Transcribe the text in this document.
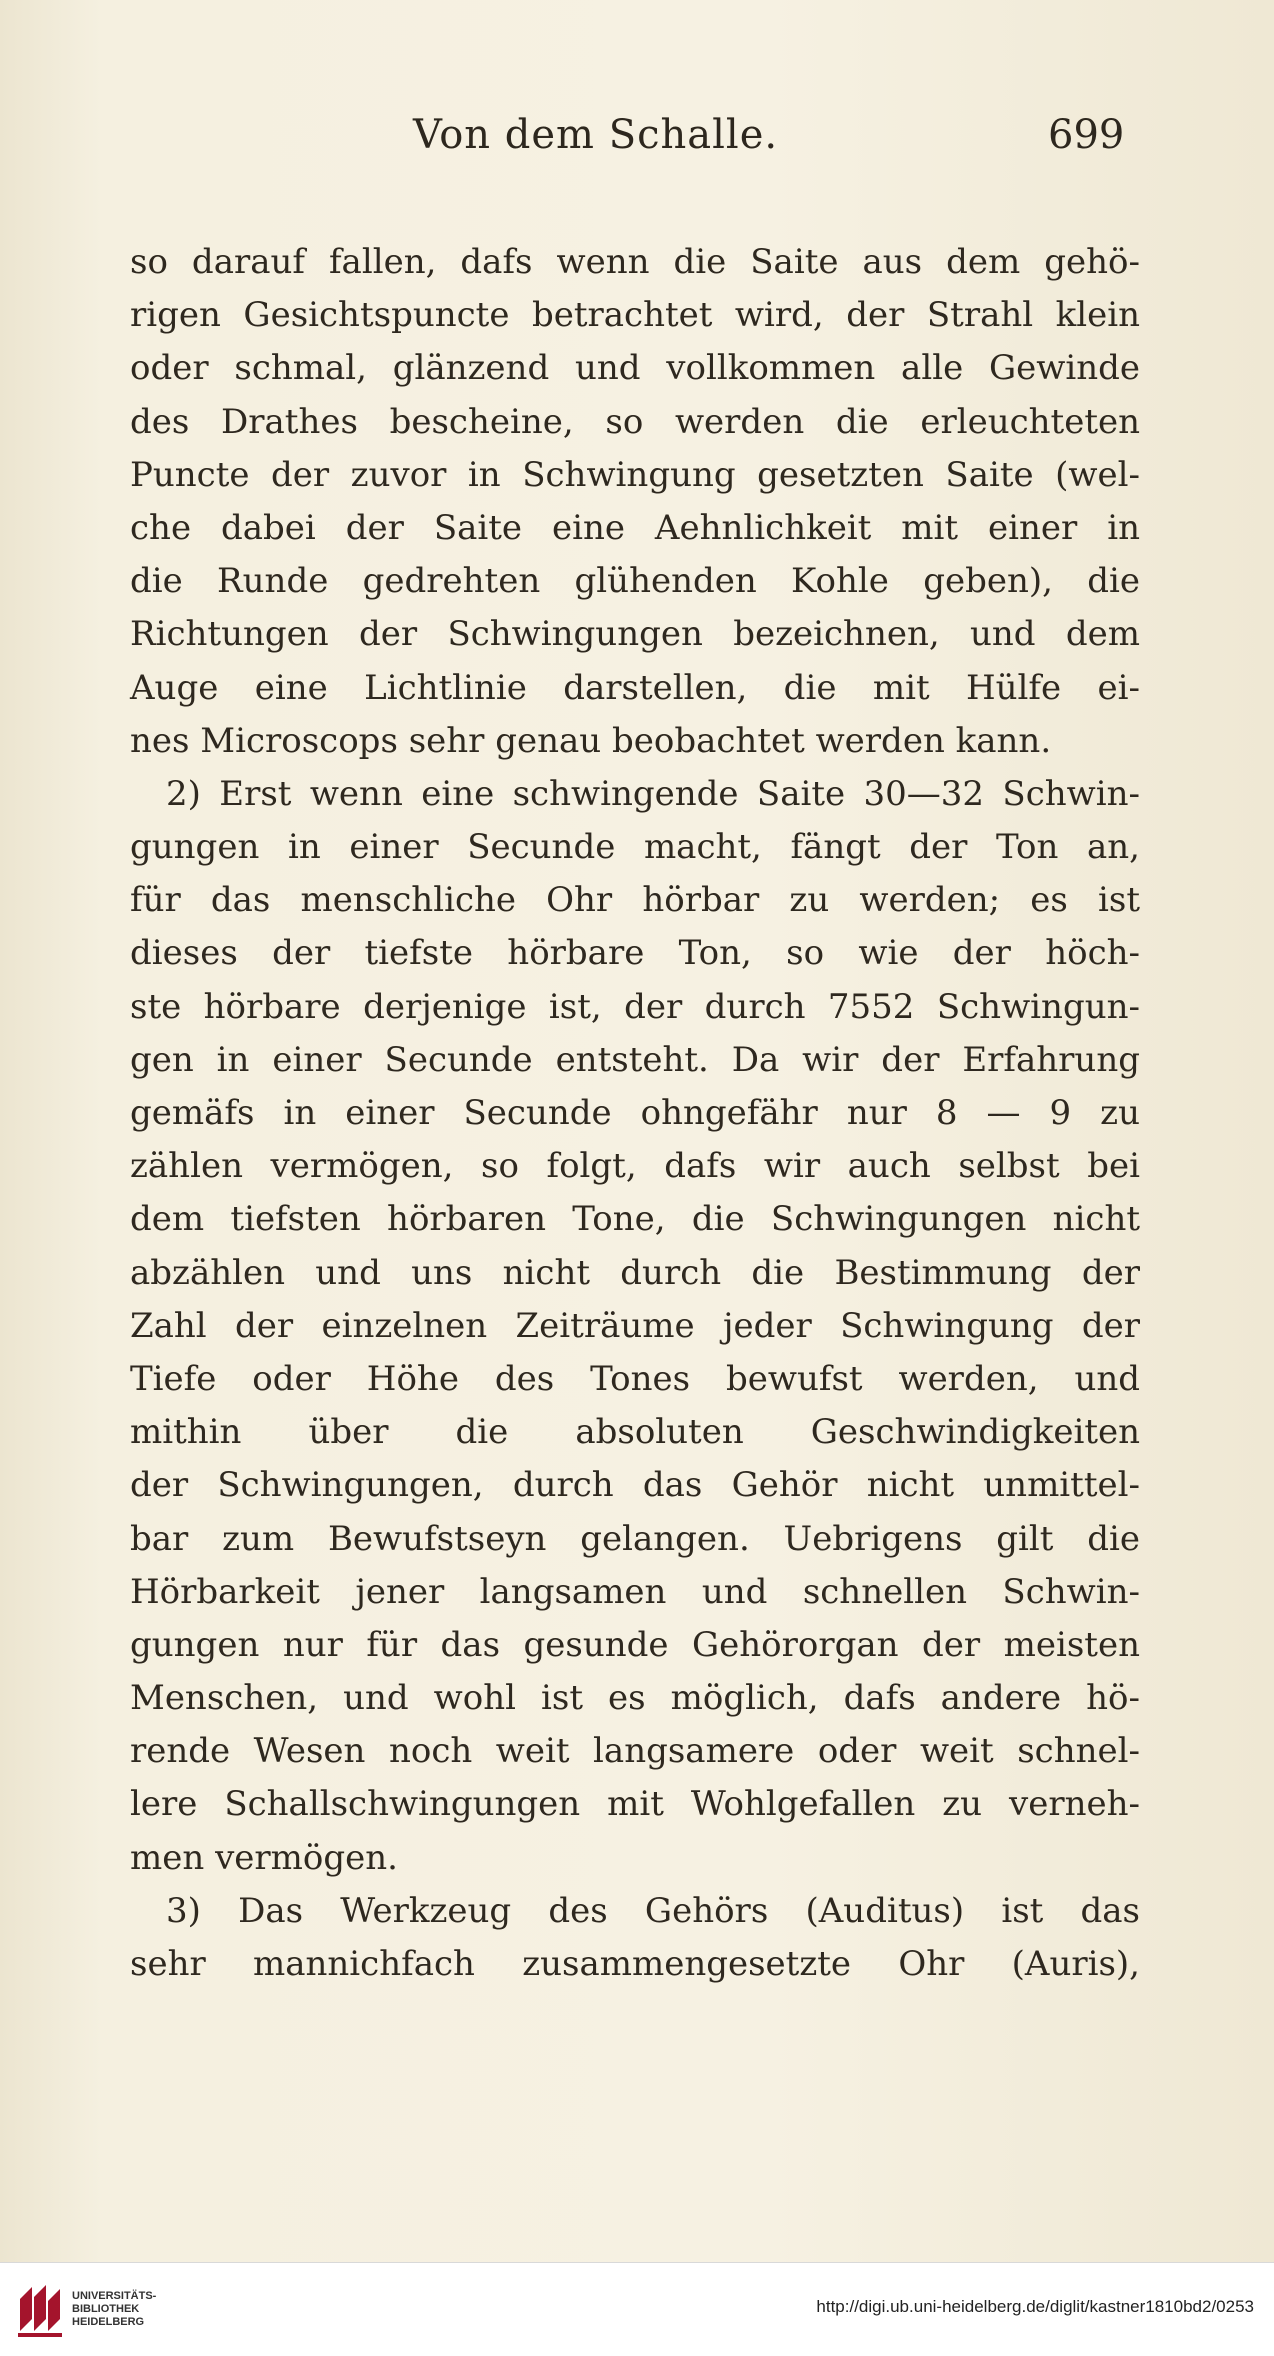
Von dem Schalle.	699
so darauf fallen, dafs wenn die Saite aus dem gehö-
rigen Gesichtspuncte betrachtet wird, der Strahl klein
oder schmal, glänzend und vollkommen alle Gewinde
des Drathes bescheine, so werden die erleuchteten
Puncte der zuvor in Schwingung gesetzten Saite (wel-
che dabei der Saite eine Aehnlichkeit mit einer in
die Runde gedrehten glühenden Kohle geben), die
Richtungen der Schwingungen bezeichnen, und dem
Auge eine Lichtlinie darstellen, die mit Hülfe ei-
nes Microscops sehr genau beobachtet werden kann.
2) Erst wenn eine schwingende Saite 30—32 Schwin-
gungen in einer Secunde macht, fängt der Ton an,
für das menschliche Ohr hörbar zu werden; es ist
dieses der tiefste hörbare Ton, so wie der höch-
ste hörbare derjenige ist, der durch 7552 Schwingun-
gen in einer Secunde entsteht. Da wir der Erfahrung
gemäfs in einer Secunde ohngefähr nur 8 — 9 zu
zählen vermögen, so folgt, dafs wir auch selbst bei
dem tiefsten hörbaren Tone, die Schwingungen nicht
abzählen und uns nicht durch die Bestimmung der
Zahl der einzelnen Zeiträume jeder Schwingung der
Tiefe oder Höhe des Tones bewufst werden, und
mithin über die absoluten Geschwindigkeiten
der Schwingungen, durch das Gehör nicht unmittel-
bar zum Bewufstseyn gelangen. Uebrigens gilt die
Hörbarkeit jener langsamen und schnellen Schwin-
gungen nur für das gesunde Gehörorgan der meisten
Menschen, und wohl ist es möglich, dafs andere hö-
rende Wesen noch weit langsamere oder weit schnel-
lere Schallschwingungen mit Wohlgefallen zu verneh-
men vermögen.
3) Das Werkzeug des Gehörs (Auditus) ist das
sehr mannichfach zusammengesetzte Ohr (Auris),
UNIVERSITÄTS-
BIBLIOTHEK
HEIDELBERG
http://digi.ub.uni-heidelberg.de/diglit/kastner1810bd2/0253
